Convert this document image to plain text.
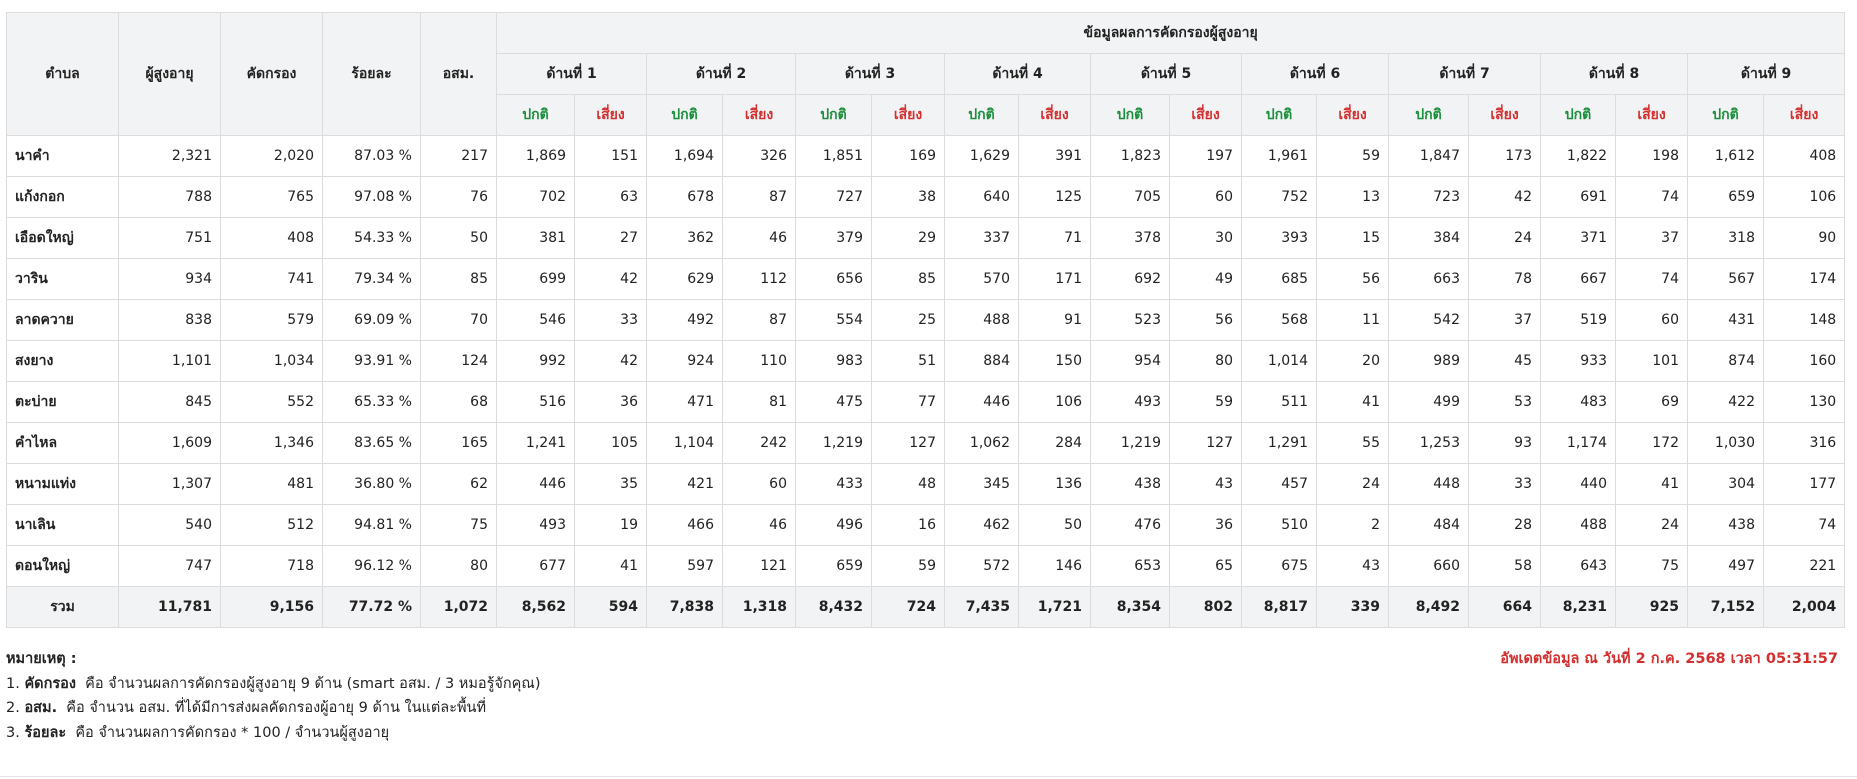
ตำบล	ผู้สูงอายุ	คัดกรอง	ร้อยละ	อสม.	ข้อมูลผลการคัดกรองผู้สูงอายุ																	
					ด้านที่ 1		ด้านที่ 2		ด้านที่ 3		ด้านที่ 4		ด้านที่ 5		ด้านที่ 6		ด้านที่ 7		ด้านที่ 8		ด้านที่ 9	
					ปกติ	เสี่ยง	ปกติ	เสี่ยง	ปกติ	เสี่ยง	ปกติ	เสี่ยง	ปกติ	เสี่ยง	ปกติ	เสี่ยง	ปกติ	เสี่ยง	ปกติ	เสี่ยง	ปกติ	เสี่ยง
นาคำ	2,321	2,020	87.03 %	217	1,869	151	1,694	326	1,851	169	1,629	391	1,823	197	1,961	59	1,847	173	1,822	198	1,612	408
แก้งกอก	788	765	97.08 %	76	702	63	678	87	727	38	640	125	705	60	752	13	723	42	691	74	659	106
เอือดใหญ่	751	408	54.33 %	50	381	27	362	46	379	29	337	71	378	30	393	15	384	24	371	37	318	90
วาริน	934	741	79.34 %	85	699	42	629	112	656	85	570	171	692	49	685	56	663	78	667	74	567	174
ลาดควาย	838	579	69.09 %	70	546	33	492	87	554	25	488	91	523	56	568	11	542	37	519	60	431	148
สงยาง	1,101	1,034	93.91 %	124	992	42	924	110	983	51	884	150	954	80	1,014	20	989	45	933	101	874	160
ตะบ่าย	845	552	65.33 %	68	516	36	471	81	475	77	446	106	493	59	511	41	499	53	483	69	422	130
คำไหล	1,609	1,346	83.65 %	165	1,241	105	1,104	242	1,219	127	1,062	284	1,219	127	1,291	55	1,253	93	1,174	172	1,030	316
หนามแท่ง	1,307	481	36.80 %	62	446	35	421	60	433	48	345	136	438	43	457	24	448	33	440	41	304	177
นาเลิน	540	512	94.81 %	75	493	19	466	46	496	16	462	50	476	36	510	2	484	28	488	24	438	74
ดอนใหญ่	747	718	96.12 %	80	677	41	597	121	659	59	572	146	653	65	675	43	660	58	643	75	497	221
รวม	11,781	9,156	77.72 %	1,072	8,562	594	7,838	1,318	8,432	724	7,435	1,721	8,354	802	8,817	339	8,492	664	8,231	925	7,152	2,004
หมายเหตุ :
1. คัดกรอง คือ จำนวนผลการคัดกรองผู้สูงอายุ 9 ด้าน (smart อสม. / 3 หมอรู้จักคุณ)
2. อสม. คือ จำนวน อสม. ที่ได้มีการส่งผลคัดกรองผู้อายุ 9 ด้าน ในแต่ละพื้นที่
3. ร้อยละ คือ จำนวนผลการคัดกรอง * 100 / จำนวนผู้สูงอายุ
อัพเดตข้อมูล ณ วันที่ 2 ก.ค. 2568 เวลา 05:31:57
